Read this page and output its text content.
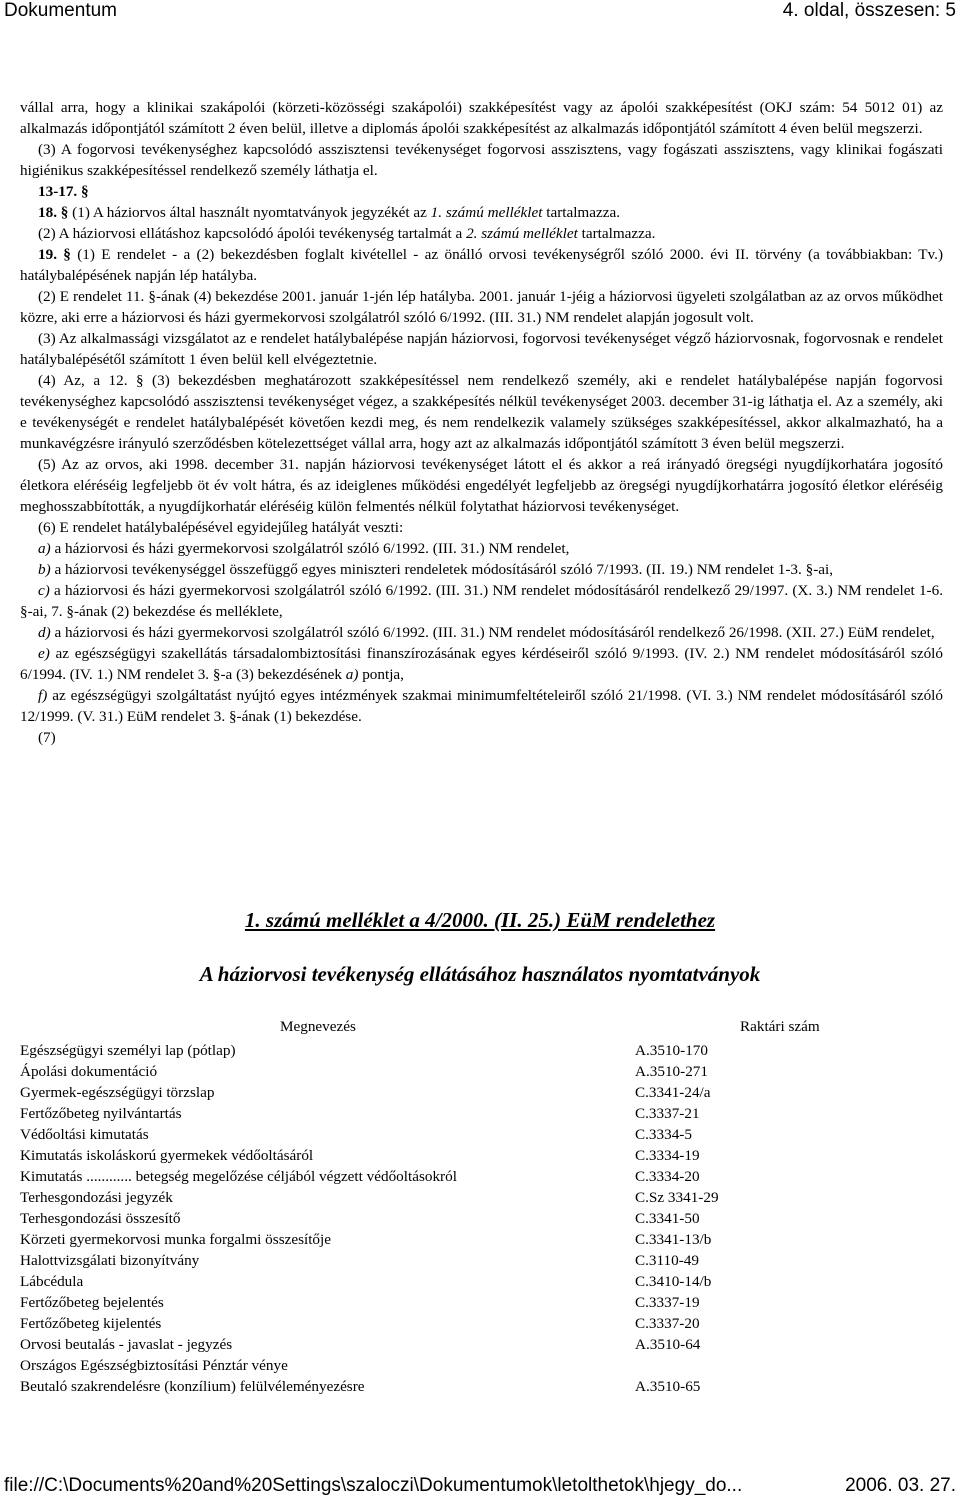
Dokumentum	4. oldal, összesen: 5

vállal arra, hogy a klinikai szakápolói (körzeti-közösségi szakápolói) szakképesítést vagy az ápolói szakképesítést (OKJ szám: 54 5012 01) az alkalmazás időpontjától számított 2 éven belül, illetve a diplomás ápolói szakképesítést az alkalmazás időpontjától számított 4 éven belül megszerzi.

(3) A fogorvosi tevékenységhez kapcsolódó asszisztensi tevékenységet fogorvosi asszisztens, vagy fogászati asszisztens, vagy klinikai fogászati higiénikus szakképesítéssel rendelkező személy láthatja el.

13-17. §

18. § (1) A háziorvos által használt nyomtatványok jegyzékét az 1. számú melléklet tartalmazza.

(2) A háziorvosi ellátáshoz kapcsolódó ápolói tevékenység tartalmát a 2. számú melléklet tartalmazza.

19. § (1) E rendelet - a (2) bekezdésben foglalt kivétellel - az önálló orvosi tevékenységről szóló 2000. évi II. törvény (a továbbiakban: Tv.) hatálybalépésének napján lép hatályba.

(2) E rendelet 11. §-ának (4) bekezdése 2001. január 1-jén lép hatályba. 2001. január 1-jéig a háziorvosi ügyeleti szolgálatban az az orvos működhet közre, aki erre a háziorvosi és házi gyermekorvosi szolgálatról szóló 6/1992. (III. 31.) NM rendelet alapján jogosult volt.

(3) Az alkalmassági vizsgálatot az e rendelet hatálybalépése napján háziorvosi, fogorvosi tevékenységet végző háziorvosnak, fogorvosnak e rendelet hatálybalépésétől számított 1 éven belül kell elvégeztetnie.

(4) Az, a 12. § (3) bekezdésben meghatározott szakképesítéssel nem rendelkező személy, aki e rendelet hatálybalépése napján fogorvosi tevékenységhez kapcsolódó asszisztensi tevékenységet végez, a szakképesítés nélkül tevékenységet 2003. december 31-ig láthatja el. Az a személy, aki e tevékenységét e rendelet hatálybalépését követően kezdi meg, és nem rendelkezik valamely szükséges szakképesítéssel, akkor alkalmazható, ha a munkavégzésre irányuló szerződésben kötelezettséget vállal arra, hogy azt az alkalmazás időpontjától számított 3 éven belül megszerzi.

(5) Az az orvos, aki 1998. december 31. napján háziorvosi tevékenységet látott el és akkor a reá irányadó öregségi nyugdíjkorhatára jogosító életkora eléréséig legfeljebb öt év volt hátra, és az ideiglenes működési engedélyét legfeljebb az öregségi nyugdíjkorhatárra jogosító életkor eléréséig meghosszabbították, a nyugdíjkorhatár eléréséig külön felmentés nélkül folytathat háziorvosi tevékenységet.

(6) E rendelet hatálybalépésével egyidejűleg hatályát veszti:

a) a háziorvosi és házi gyermekorvosi szolgálatról szóló 6/1992. (III. 31.) NM rendelet,

b) a háziorvosi tevékenységgel összefüggő egyes miniszteri rendeletek módosításáról szóló 7/1993. (II. 19.) NM rendelet 1-3. §-ai,

c) a háziorvosi és házi gyermekorvosi szolgálatról szóló 6/1992. (III. 31.) NM rendelet módosításáról rendelkező 29/1997. (X. 3.) NM rendelet 1-6. §-ai, 7. §-ának (2) bekezdése és melléklete,

d) a háziorvosi és házi gyermekorvosi szolgálatról szóló 6/1992. (III. 31.) NM rendelet módosításáról rendelkező 26/1998. (XII. 27.) EüM rendelet,

e) az egészségügyi szakellátás társadalombiztosítási finanszírozásának egyes kérdéseiről szóló 9/1993. (IV. 2.) NM rendelet módosításáról szóló 6/1994. (IV. 1.) NM rendelet 3. §-a (3) bekezdésének a) pontja,

f) az egészségügyi szolgáltatást nyújtó egyes intézmények szakmai minimumfeltételeiről szóló 21/1998. (VI. 3.) NM rendelet módosításáról szóló 12/1999. (V. 31.) EüM rendelet 3. §-ának (1) bekezdése.

(7)

1. számú melléklet a 4/2000. (II. 25.) EüM rendelethez
A háziorvosi tevékenység ellátásához használatos nyomtatványok
Megnevezés	Raktári szám
Egészségügyi személyi lap (pótlap)	A.3510-170
Ápolási dokumentáció	A.3510-271
Gyermek-egészségügyi törzslap	C.3341-24/a
Fertőzőbeteg nyilvántartás	C.3337-21
Védőoltási kimutatás	C.3334-5
Kimutatás iskoláskorú gyermekek védőoltásáról	C.3334-19
Kimutatás ............ betegség megelőzése céljából végzett védőoltásokról	C.3334-20
Terhesgondozási jegyzék	C.Sz 3341-29
Terhesgondozási összesítő	C.3341-50
Körzeti gyermekorvosi munka forgalmi összesítője	C.3341-13/b
Halottvizsgálati bizonyítvány	C.3110-49
Lábcédula	C.3410-14/b
Fertőzőbeteg bejelentés	C.3337-19
Fertőzőbeteg kijelentés	C.3337-20
Orvosi beutalás - javaslat - jegyzés	A.3510-64
Országos Egészségbiztosítási Pénztár vénye
Beutaló szakrendelésre (konzílium) felülvéleményezésre	A.3510-65
file://C:\Documents%20and%20Settings\szaloczi\Dokumentumok\letolthetok\hjegy_do...	2006. 03. 27.
